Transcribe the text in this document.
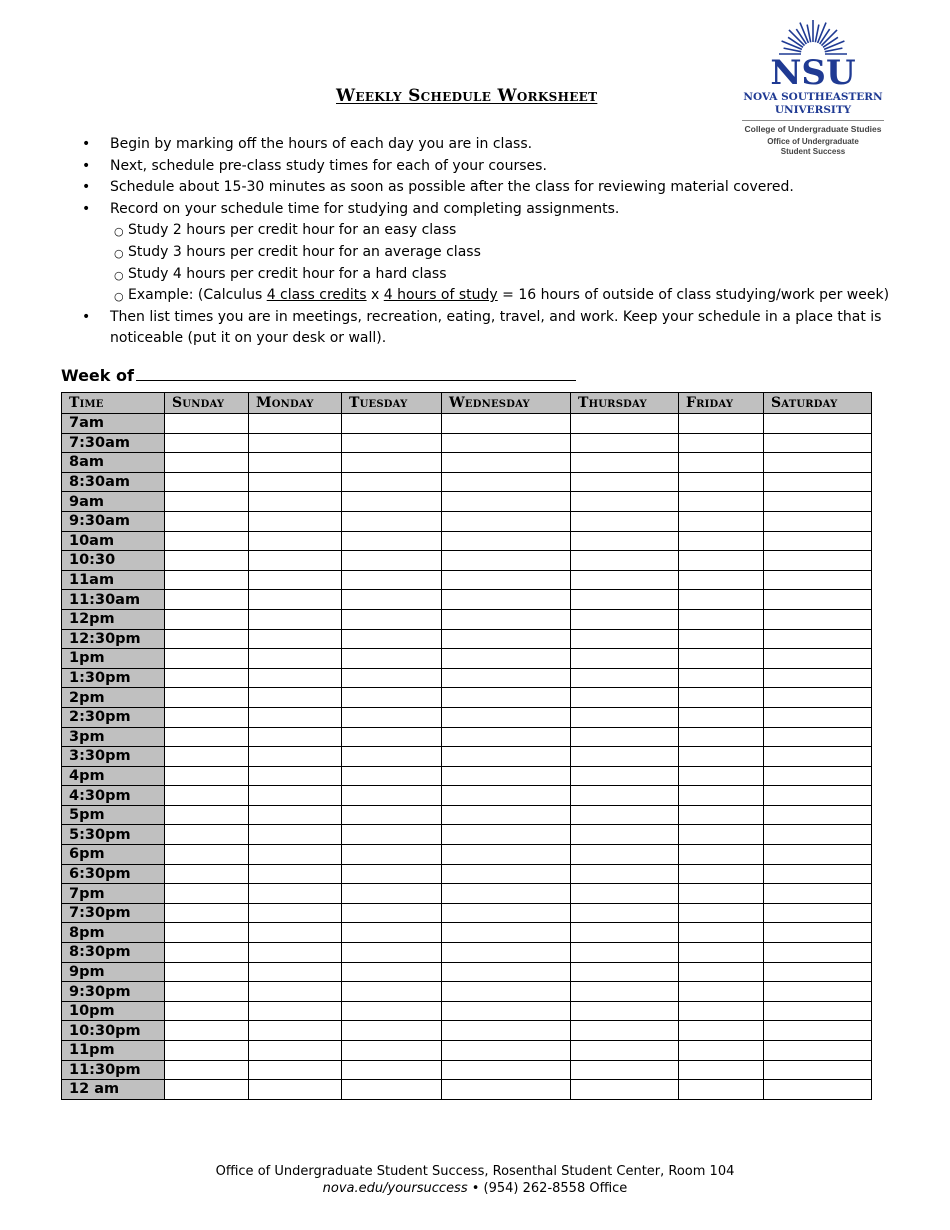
Weekly Schedule Worksheet
NSU
NOVA SOUTHEASTERN
UNIVERSITY
College of Undergraduate Studies
Office of Undergraduate
Student Success
• Begin by marking off the hours of each day you are in class.
• Next, schedule pre-class study times for each of your courses.
• Schedule about 15-30 minutes as soon as possible after the class for reviewing material covered.
• Record on your schedule time for studying and completing assignments.
○ Study 2 hours per credit hour for an easy class
○ Study 3 hours per credit hour for an average class
○ Study 4 hours per credit hour for a hard class
○ Example: (Calculus 4 class credits x 4 hours of study = 16 hours of outside of class studying/work per week)
• Then list times you are in meetings, recreation, eating, travel, and work. Keep your schedule in a place that is noticeable (put it on your desk or wall).
Week of
Time	Sunday	Monday	Tuesday	Wednesday	Thursday	Friday	Saturday
7am							
7:30am							
8am							
8:30am							
9am							
9:30am							
10am							
10:30							
11am							
11:30am							
12pm							
12:30pm							
1pm							
1:30pm							
2pm							
2:30pm							
3pm							
3:30pm							
4pm							
4:30pm							
5pm							
5:30pm							
6pm							
6:30pm							
7pm							
7:30pm							
8pm							
8:30pm							
9pm							
9:30pm							
10pm							
10:30pm							
11pm							
11:30pm							
12 am							
Office of Undergraduate Student Success, Rosenthal Student Center, Room 104
nova.edu/yoursuccess • (954) 262-8558 Office
